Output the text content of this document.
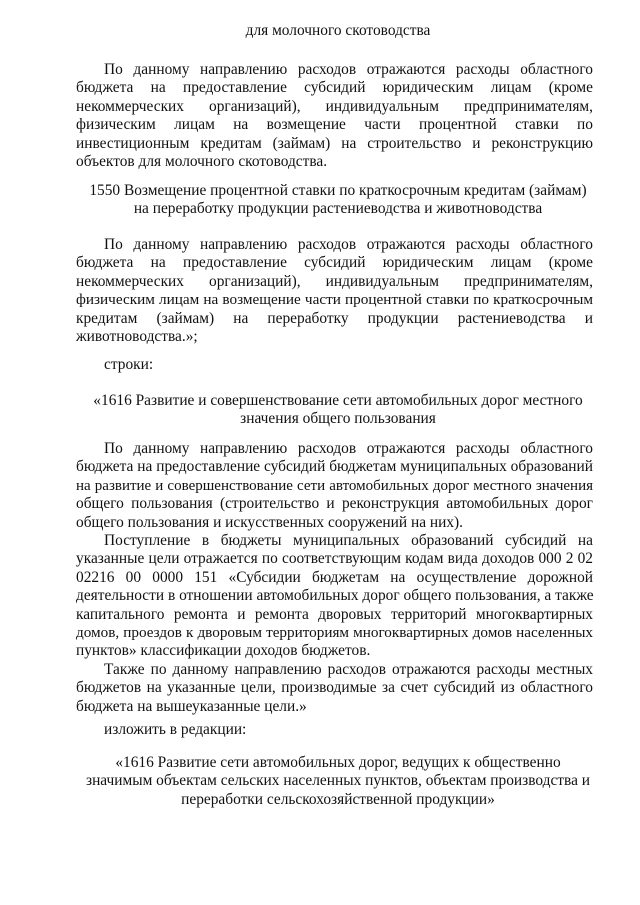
для молочного скотоводства
По данному направлению расходов отражаются расходы областного
бюджета на предоставление субсидий юридическим лицам (кроме
некоммерческих организаций), индивидуальным предпринимателям,
физическим лицам на возмещение части процентной ставки по
инвестиционным кредитам (займам) на строительство и реконструкцию
объектов для молочного скотоводства.
1550 Возмещение процентной ставки по краткосрочным кредитам (займам)
на переработку продукции растениеводства и животноводства
По данному направлению расходов отражаются расходы областного
бюджета на предоставление субсидий юридическим лицам (кроме
некоммерческих организаций), индивидуальным предпринимателям,
физическим лицам на возмещение части процентной ставки по краткосрочным
кредитам (займам) на переработку продукции растениеводства и
животноводства.»;
строки:
«1616 Развитие и совершенствование сети автомобильных дорог местного
значения общего пользования
По данному направлению расходов отражаются расходы областного
бюджета на предоставление субсидий бюджетам муниципальных образований
на развитие и совершенствование сети автомобильных дорог местного значения
общего пользования (строительство и реконструкция автомобильных дорог
общего пользования и искусственных сооружений на них).
Поступление в бюджеты муниципальных образований субсидий на
указанные цели отражается по соответствующим кодам вида доходов 000 2 02
02216 00 0000 151 «Субсидии бюджетам на осуществление дорожной
деятельности в отношении автомобильных дорог общего пользования, а также
капитального ремонта и ремонта дворовых территорий многоквартирных
домов, проездов к дворовым территориям многоквартирных домов населенных
пунктов» классификации доходов бюджетов.
Также по данному направлению расходов отражаются расходы местных
бюджетов на указанные цели, производимые за счет субсидий из областного
бюджета на вышеуказанные цели.»
изложить в редакции:
«1616 Развитие сети автомобильных дорог, ведущих к общественно
значимым объектам сельских населенных пунктов, объектам производства и
переработки сельскохозяйственной продукции»
